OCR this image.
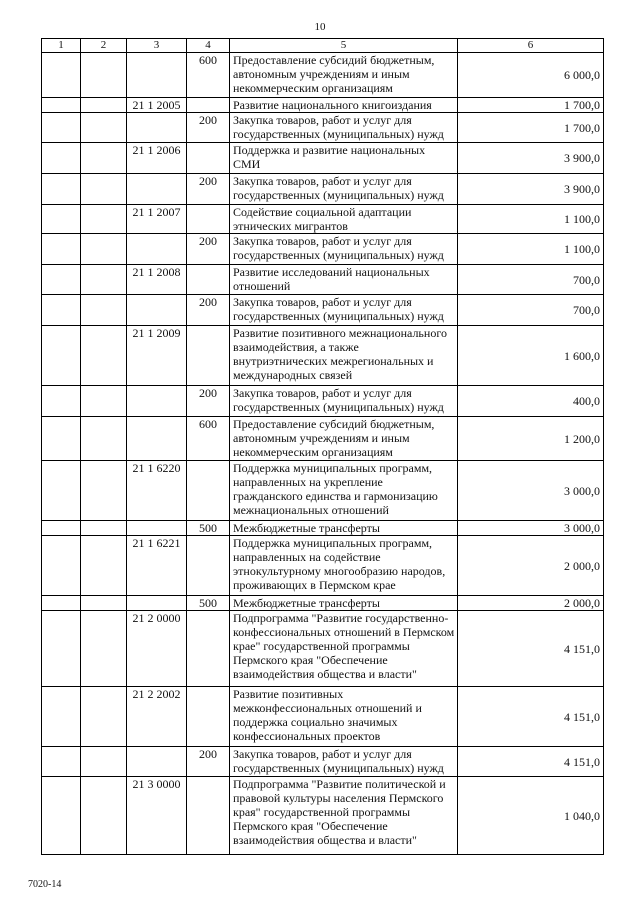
10
1	2	3	4	5	6
			600	Предоставление субсидий бюджетным, автономным учреждениям и иным некоммерческим организациям	6 000,0
		21 1 2005		Развитие национального книгоиздания	1 700,0
			200	Закупка товаров, работ и услуг для государственных (муниципальных) нужд	1 700,0
		21 1 2006		Поддержка и развитие национальных СМИ	3 900,0
			200	Закупка товаров, работ и услуг для государственных (муниципальных) нужд	3 900,0
		21 1 2007		Содействие социальной адаптации этнических мигрантов	1 100,0
			200	Закупка товаров, работ и услуг для государственных (муниципальных) нужд	1 100,0
		21 1 2008		Развитие исследований национальных отношений	700,0
			200	Закупка товаров, работ и услуг для государственных (муниципальных) нужд	700,0
		21 1 2009		Развитие позитивного межнационального взаимодействия, а также внутриэтнических межрегиональных и международных связей	1 600,0
			200	Закупка товаров, работ и услуг для государственных (муниципальных) нужд	400,0
			600	Предоставление субсидий бюджетным, автономным учреждениям и иным некоммерческим организациям	1 200,0
		21 1 6220		Поддержка муниципальных программ, направленных на укрепление гражданского единства и гармонизацию межнациональных отношений	3 000,0
			500	Межбюджетные трансферты	3 000,0
		21 1 6221		Поддержка муниципальных программ, направленных на содействие этнокультурному многообразию народов, проживающих в Пермском крае	2 000,0
			500	Межбюджетные трансферты	2 000,0
		21 2 0000		Подпрограмма "Развитие государственно-конфессиональных отношений в Пермском крае" государственной программы Пермского края "Обеспечение взаимодействия общества и власти"	4 151,0
		21 2 2002		Развитие позитивных межконфессиональных отношений и поддержка социально значимых конфессиональных проектов	4 151,0
			200	Закупка товаров, работ и услуг для государственных (муниципальных) нужд	4 151,0
		21 3 0000		Подпрограмма "Развитие политической и правовой культуры населения Пермского края" государственной программы Пермского края "Обеспечение взаимодействия общества и власти"	1 040,0
7020-14
